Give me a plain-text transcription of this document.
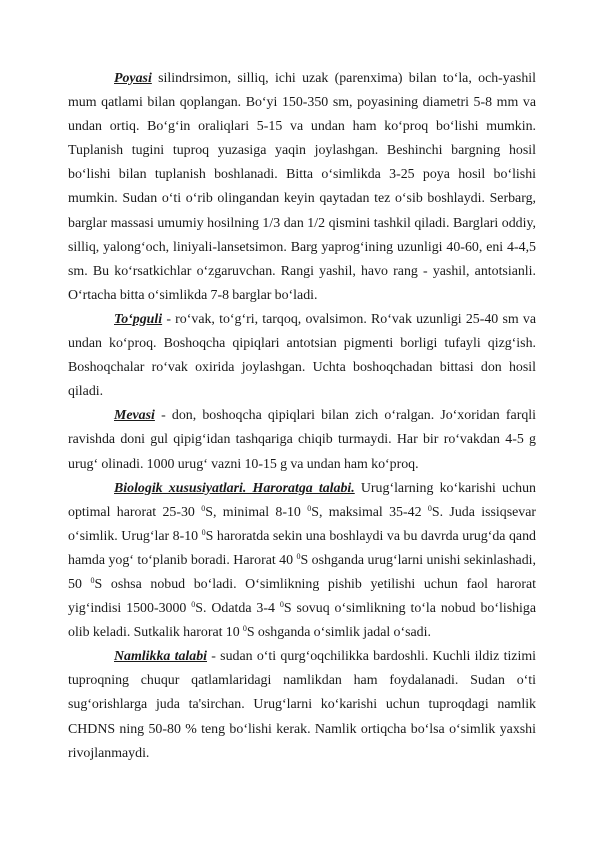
Poyasi silindrsimon, silliq, ichi uzak (parenxima) bilan to‘la, och-yashil mum qatlami bilan qoplangan. Bo‘yi 150-350 sm, poyasining diametri 5-8 mm va undan ortiq. Bo‘g‘in oraliqlari 5-15 va undan ham ko‘proq bo‘lishi mumkin. Tuplanish tugini tuproq yuzasiga yaqin joylashgan. Beshinchi bargning hosil bo‘lishi bilan tuplanish boshlanadi. Bitta o‘simlikda 3-25 poya hosil bo‘lishi mumkin. Sudan o‘ti o‘rib olingandan keyin qaytadan tez o‘sib boshlaydi. Serbarg, barglar massasi umumiy hosilning 1/3 dan 1/2 qismini tashkil qiladi. Barglari oddiy, silliq, yalong‘och, liniyali-lansetsimon. Barg yaprog‘ining uzunligi 40-60, eni 4-4,5 sm. Bu ko‘rsatkichlar o‘zgaruvchan. Rangi yashil, havo rang - yashil, antotsianli. O‘rtacha bitta o‘simlikda 7-8 barglar bo‘ladi.

To‘pguli - ro‘vak, to‘g‘ri, tarqoq, ovalsimon. Ro‘vak uzunligi 25-40 sm va undan ko‘proq. Boshoqcha qipiqlari antotsian pigmenti borligi tufayli qizg‘ish. Boshoqchalar ro‘vak oxirida joylashgan. Uchta boshoqchadan bittasi don hosil qiladi.

Mevasi - don, boshoqcha qipiqlari bilan zich o‘ralgan. Jo‘xoridan farqli ravishda doni gul qipig‘idan tashqariga chiqib turmaydi. Har bir ro‘vakdan 4-5 g urug‘ olinadi. 1000 urug‘ vazni 10-15 g va undan ham ko‘proq.

Biologik xususiyatlari. Haroratga talabi. Urug‘larning ko‘karishi uchun optimal harorat 25-30 $^0$S, minimal 8-10 $^0$S, maksimal 35-42 $^0$S. Juda issiqsevar o‘simlik. Urug‘lar 8-10 $^0$S haroratda sekin una boshlaydi va bu davrda urug‘da qand hamda yog‘ to‘planib boradi. Harorat 40 $^0$S oshganda urug‘larni unishi sekinlashadi, 50 $^0$S oshsa nobud bo‘ladi. O‘simlikning pishib yetilishi uchun faol harorat yig‘indisi 1500-3000 $^0$S. Odatda 3-4 $^0$S sovuq o‘simlikning to‘la nobud bo‘lishiga olib keladi. Sutkalik harorat 10 $^0$S oshganda o‘simlik jadal o‘sadi.

Namlikka talabi - sudan o‘ti qurg‘oqchilikka bardoshli. Kuchli ildiz tizimi tuproqning chuqur qatlamlaridagi namlikdan ham foydalanadi. Sudan o‘ti sug‘orishlarga juda ta'sirchan. Urug‘larni ko‘karishi uchun tuproqdagi namlik CHDNS ning 50-80 % teng bo‘lishi kerak. Namlik ortiqcha bo‘lsa o‘simlik yaxshi rivojlanmaydi.
